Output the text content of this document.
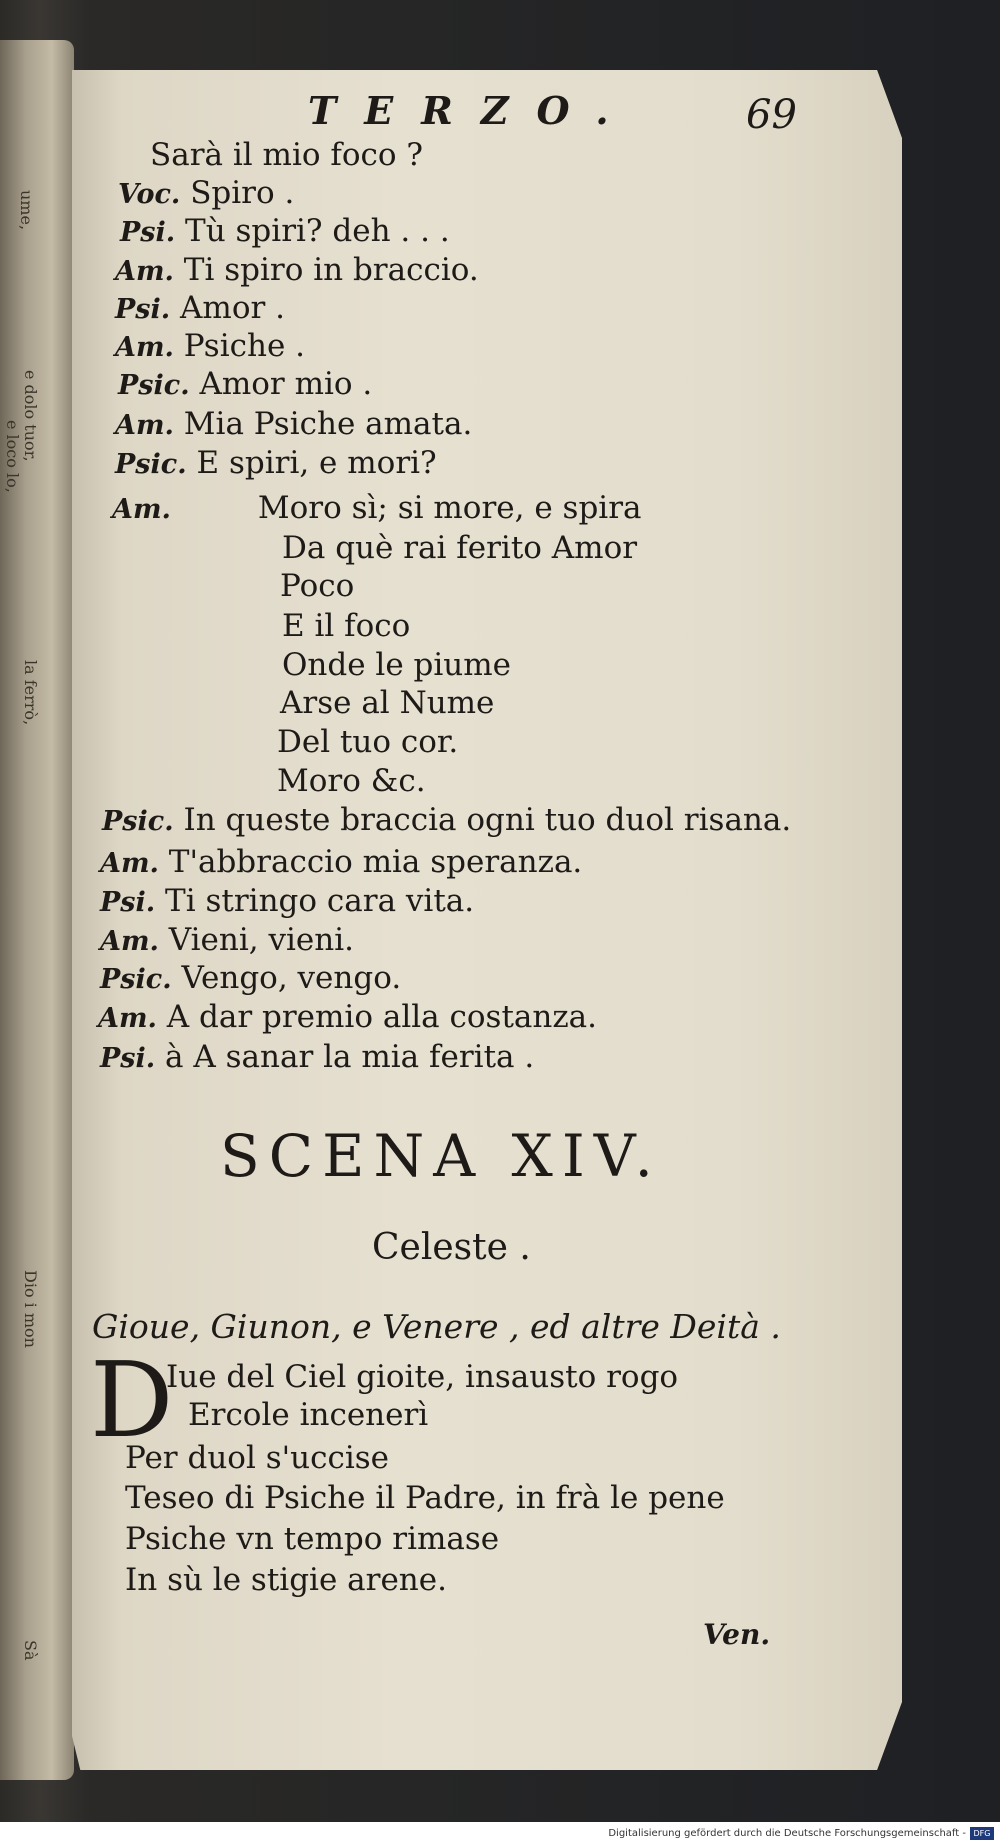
ume,
e dolo tuor,
e loco lo,
la ferrò,
Dio i mon
Sà
TERZO.	69
Sarà il mio foco ?
Voc. Spiro .
Psi. Tù spiri? deh . . .
Am. Ti spiro in braccio.
Psi. Amor .
Am. Psiche .
Psic. Amor mio .
Am. Mia Psiche amata.
Psic. E spiri, e mori?
Am.	Moro sì; si more, e spira
Da què rai ferito Amor
Poco
E il foco
Onde le piume
Arse al Nume
Del tuo cor.
Moro &c.
Psic. In queste braccia ogni tuo duol risana.
Am. T'abbraccio mia speranza.
Psi. Ti stringo cara vita.
Am. Vieni, vieni.
Psic. Vengo, vengo.
Am. A dar premio alla costanza.
Psi. à A sanar la mia ferita .
SCENA XIV.
Celeste .
Gioue, Giunon, e Venere , ed altre Deità .
D
Iue del Ciel gioite, insausto rogo
Ercole incenerì
Per duol s'uccise
Teseo di Psiche il Padre, in frà le pene
Psiche vn tempo rimase
In sù le stigie arene.
Ven.
Digitalisierung gefördert durch die Deutsche Forschungsgemeinschaft - DFG
